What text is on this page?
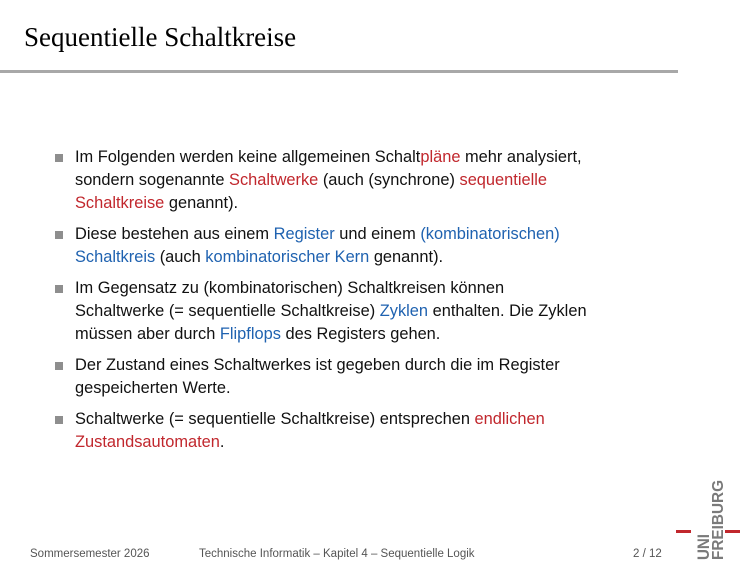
Sequentielle Schaltkreise
Im Folgenden werden keine allgemeinen Schaltpläne mehr analysiert,
sondern sogenannte Schaltwerke (auch (synchrone) sequentielle
Schaltkreise genannt).
Diese bestehen aus einem Register und einem (kombinatorischen)
Schaltkreis (auch kombinatorischer Kern genannt).
Im Gegensatz zu (kombinatorischen) Schaltkreisen können
Schaltwerke (= sequentielle Schaltkreise) Zyklen enthalten. Die Zyklen
müssen aber durch Flipflops des Registers gehen.
Der Zustand eines Schaltwerkes ist gegeben durch die im Register
gespeicherten Werte.
Schaltwerke (= sequentielle Schaltkreise) entsprechen endlichen
Zustandsautomaten.
Sommersemester 2026	Technische Informatik – Kapitel 4 – Sequentielle Logik	2 / 12 UNI
FREIBURG
